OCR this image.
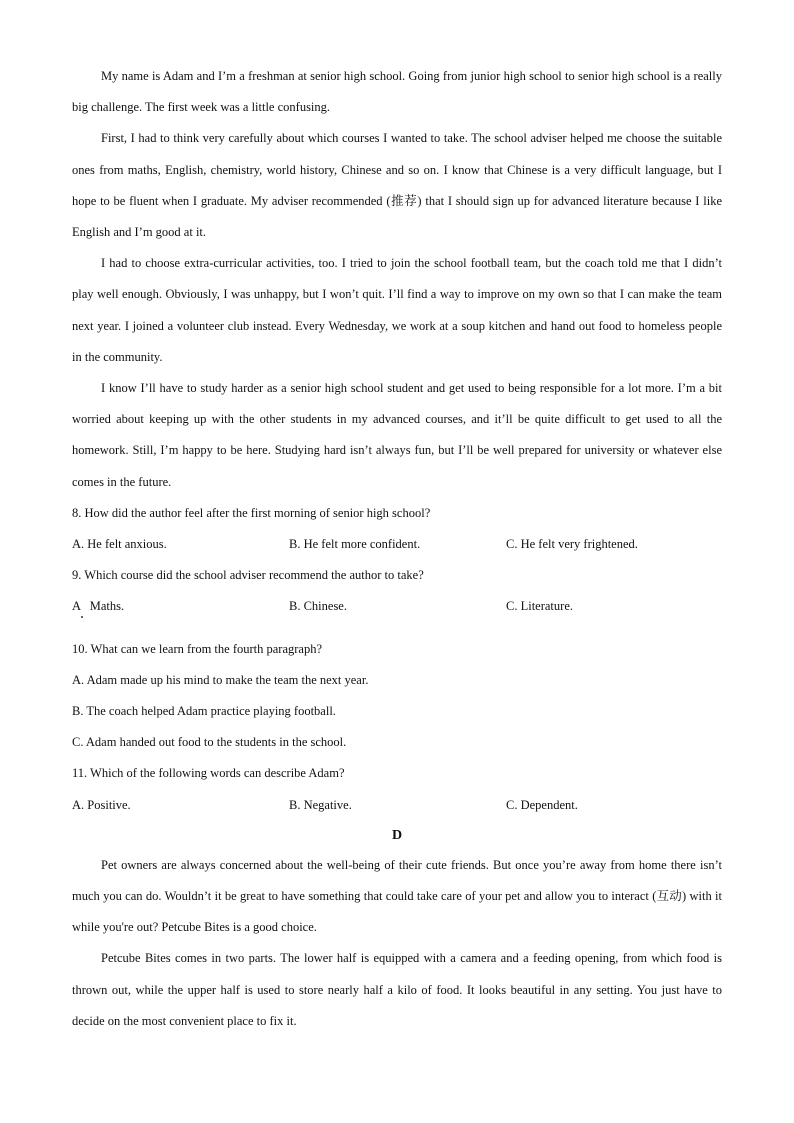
My name is Adam and I’m a freshman at senior high school. Going from junior high school to senior high school is a really big challenge. The first week was a little confusing.

First, I had to think very carefully about which courses I wanted to take. The school adviser helped me choose the suitable ones from maths, English, chemistry, world history, Chinese and so on. I know that Chinese is a very difficult language, but I hope to be fluent when I graduate. My adviser recommended (推荐) that I should sign up for advanced literature because I like English and I’m good at it.

I had to choose extra-curricular activities, too. I tried to join the school football team, but the coach told me that I didn’t play well enough. Obviously, I was unhappy, but I won’t quit. I’ll find a way to improve on my own so that I can make the team next year. I joined a volunteer club instead. Every Wednesday, we work at a soup kitchen and hand out food to homeless people in the community.

I know I’ll have to study harder as a senior high school student and get used to being responsible for a lot more. I’m a bit worried about keeping up with the other students in my advanced courses, and it’ll be quite difficult to get used to all the homework. Still, I’m happy to be here. Studying hard isn’t always fun, but I’ll be well prepared for university or whatever else comes in the future.

8. How did the author feel after the first morning of senior high school?

A. He felt anxious.	B. He felt more confident.	C. He felt very frightened.

9. Which course did the school adviser recommend the author to take?

A   Maths.	B. Chinese.	C. Literature.

10. What can we learn from the fourth paragraph?

A. Adam made up his mind to make the team the next year.

B. The coach helped Adam practice playing football.

C. Adam handed out food to the students in the school.

11. Which of the following words can describe Adam?

A. Positive.	B. Negative.	C. Dependent.
D

Pet owners are always concerned about the well-being of their cute friends. But once you’re away from home there isn’t much you can do. Wouldn’t it be great to have something that could take care of your pet and allow you to interact (互动) with it while you're out? Petcube Bites is a good choice.

Petcube Bites comes in two parts. The lower half is equipped with a camera and a feeding opening, from which food is thrown out, while the upper half is used to store nearly half a kilo of food. It looks beautiful in any setting. You just have to decide on the most convenient place to fix it.
